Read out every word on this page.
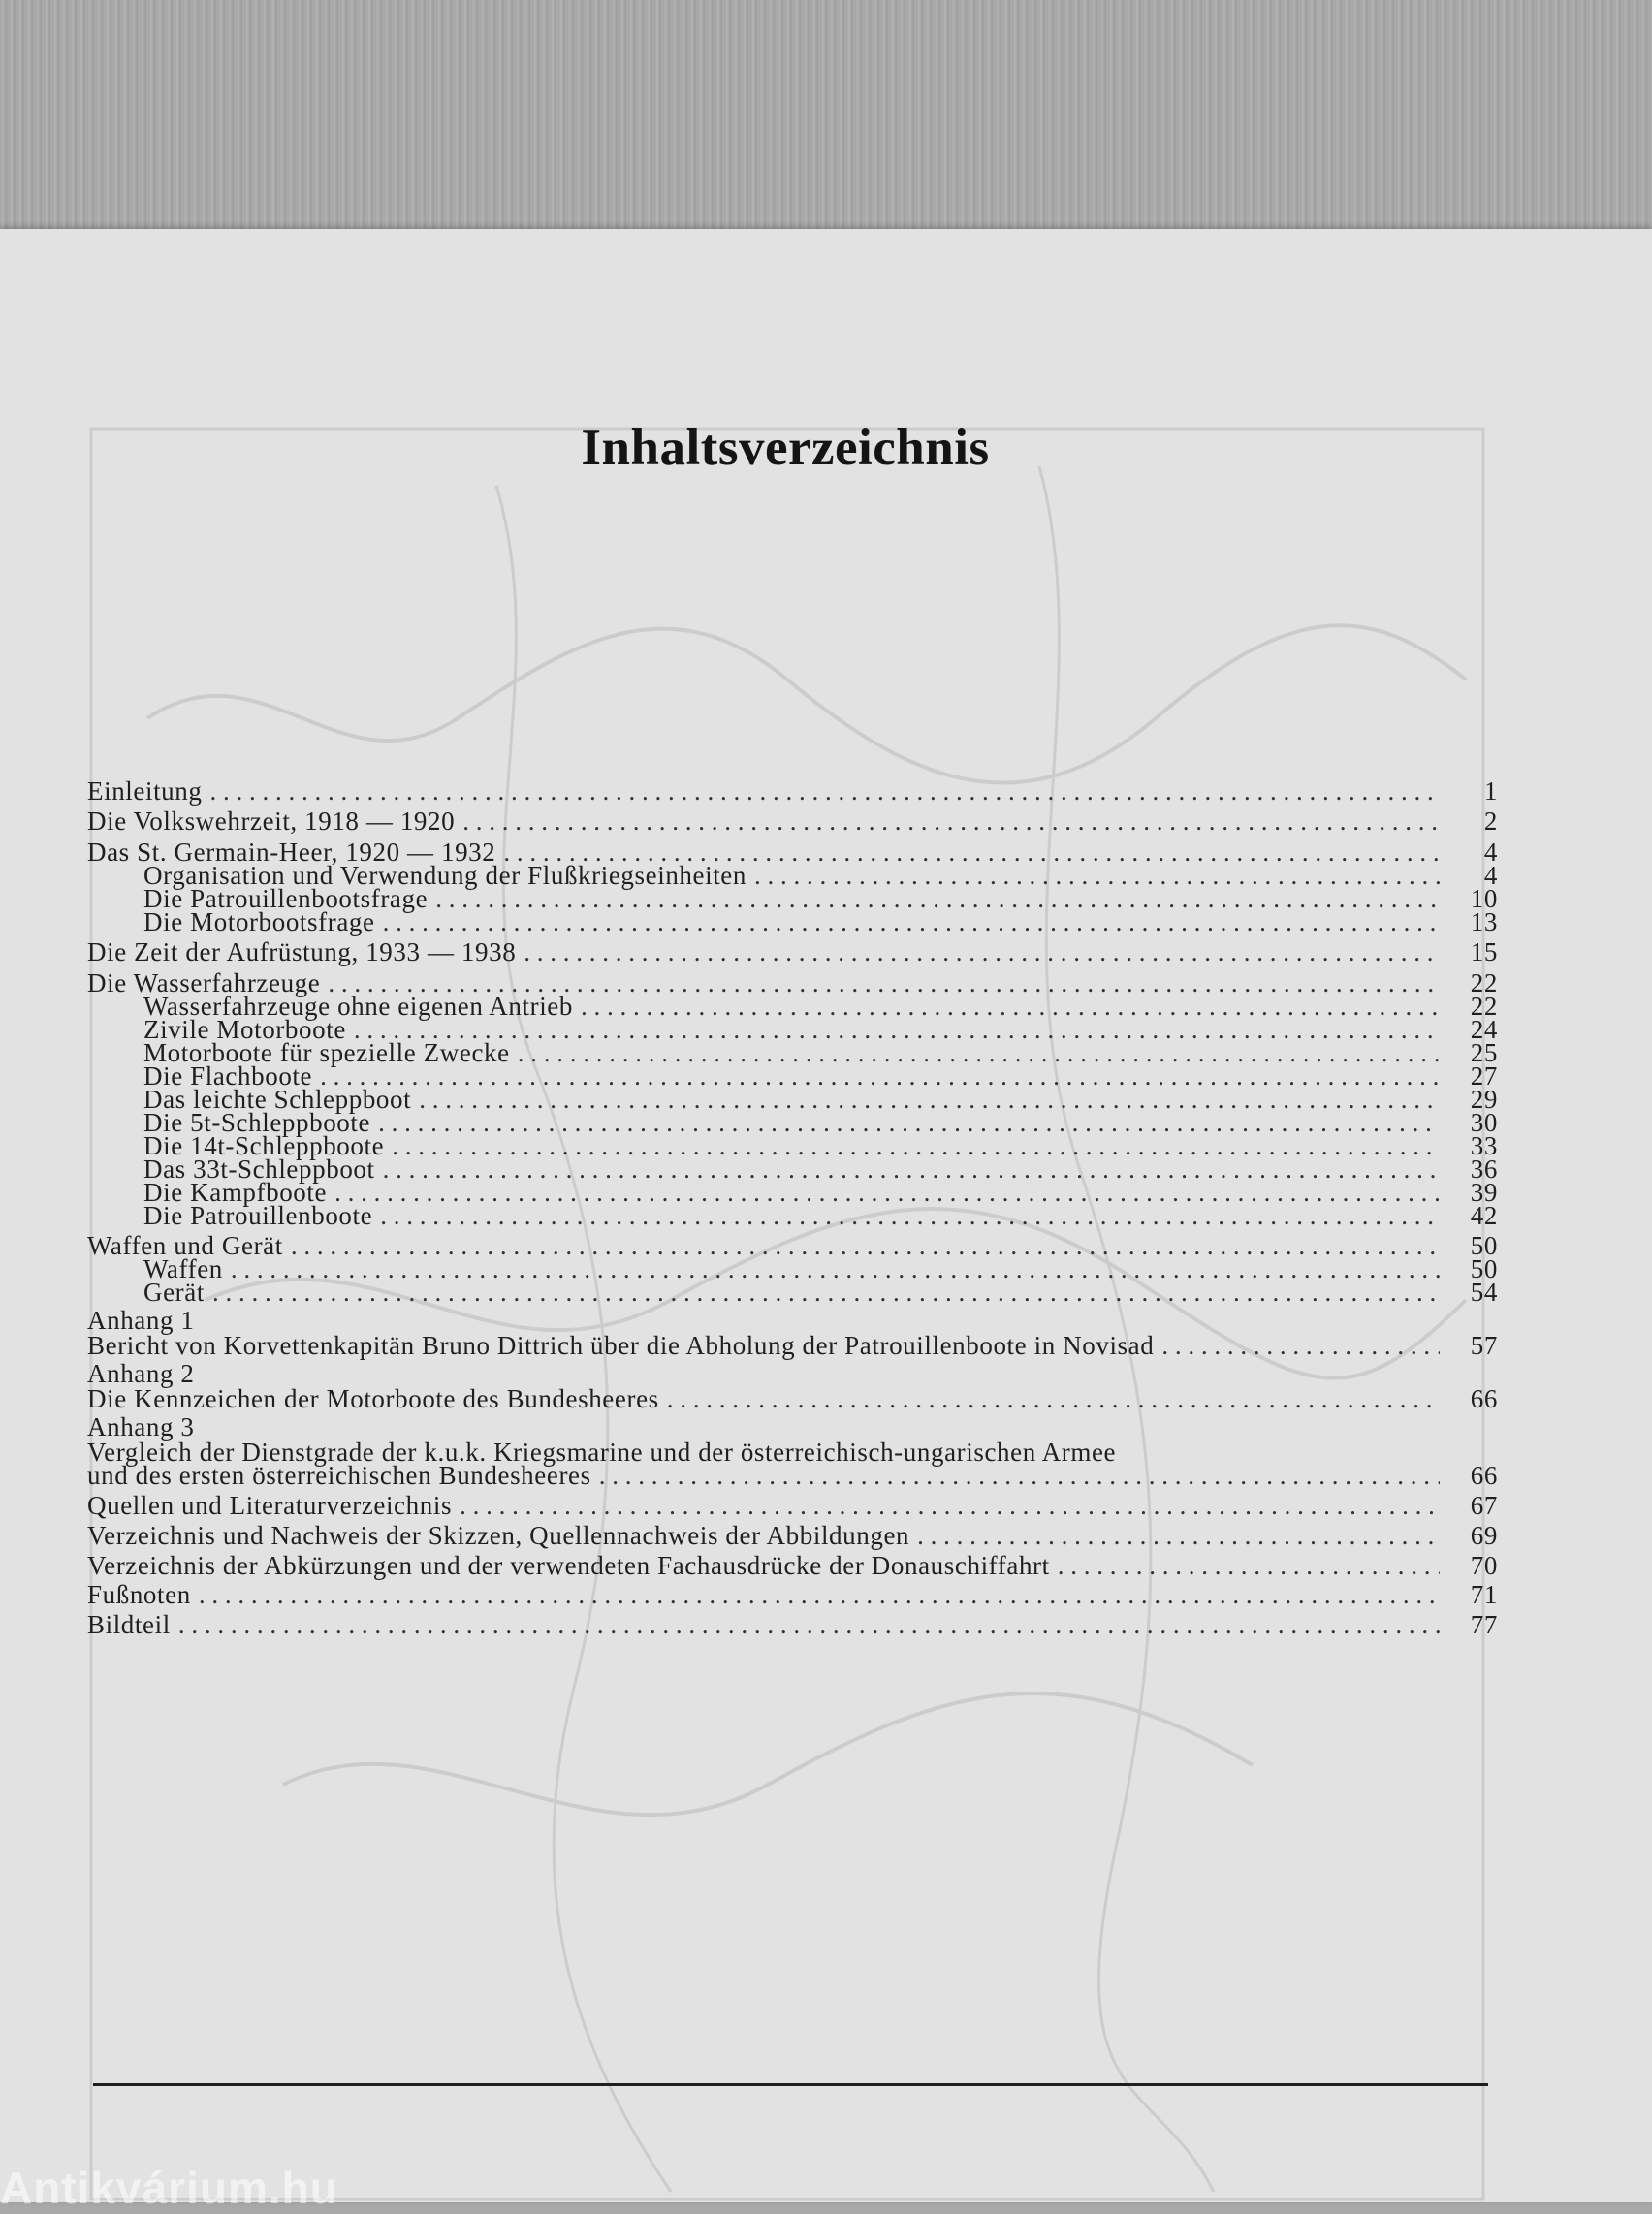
Inhaltsverzeichnis
Einleitung . . .	1
Die Volkswehrzeit, 1918 — 1920 . . .	2
Das St. Germain-Heer, 1920 — 1932 . . .	4
Organisation und Verwendung der Flußkriegseinheiten . . .	4
Die Patrouillenbootsfrage . . .	10
Die Motorbootsfrage . . .	13
Die Zeit der Aufrüstung, 1933 — 1938 . . .	15
Die Wasserfahrzeuge . . .	22
Wasserfahrzeuge ohne eigenen Antrieb . . .	22
Zivile Motorboote . . .	24
Motorboote für spezielle Zwecke . . .	25
Die Flachboote . . .	27
Das leichte Schleppboot . . .	29
Die 5t-Schleppboote . . .	30
Die 14t-Schleppboote . . .	33
Das 33t-Schleppboot . . .	36
Die Kampfboote . . .	39
Die Patrouillenboote . . .	42
Waffen und Gerät . . .	50
Waffen . . .	50
Gerät . . .	54
Anhang 1
Bericht von Korvettenkapitän Bruno Dittrich über die Abholung der Patrouillenboote in Novisad . . .	57
Anhang 2
Die Kennzeichen der Motorboote des Bundesheeres . . .	66
Anhang 3
Vergleich der Dienstgrade der k.u.k. Kriegsmarine und der österreichisch-ungarischen Armee
und des ersten österreichischen Bundesheeres . . .	66
Quellen und Literaturverzeichnis . . .	67
Verzeichnis und Nachweis der Skizzen, Quellennachweis der Abbildungen . . .	69
Verzeichnis der Abkürzungen und der verwendeten Fachausdrücke der Donauschiffahrt . . .	70
Fußnoten . . .	71
Bildteil . . .	77
Antikvárium.hu
